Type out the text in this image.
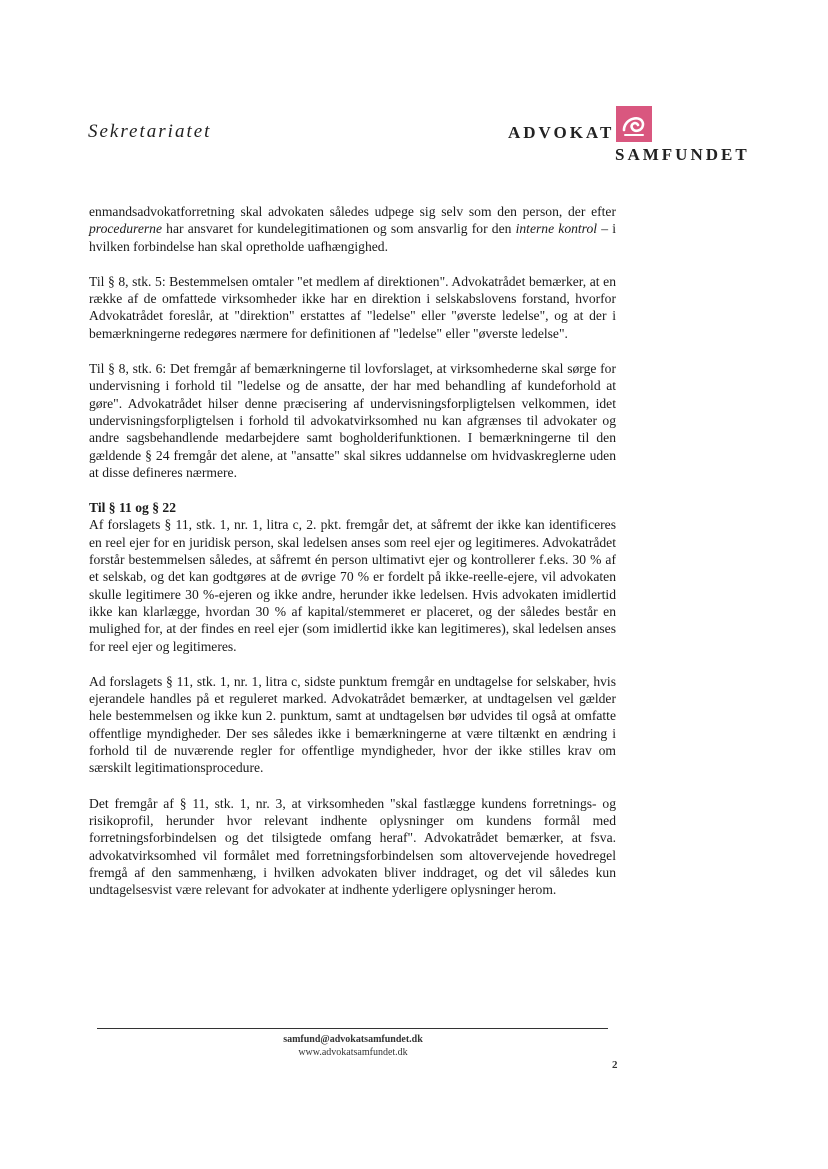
Sekretariatet	ADVOKAT
SAMFUNDET

enmandsadvokatforretning skal advokaten således udpege sig selv som den person, der efter procedurerne har ansvaret for kundelegitimationen og som ansvarlig for den interne kontrol – i hvilken forbindelse han skal opretholde uafhængighed.

Til § 8, stk. 5: Bestemmelsen omtaler "et medlem af direktionen". Advokatrådet bemærker, at en række af de omfattede virksomheder ikke har en direktion i selskabslovens forstand, hvorfor Advokatrådet foreslår, at "direktion" erstattes af "ledelse" eller "øverste ledelse", og at der i bemærkningerne redegøres nærmere for definitionen af "ledelse" eller "øverste ledelse".

Til § 8, stk. 6: Det fremgår af bemærkningerne til lovforslaget, at virksomhederne skal sørge for undervisning i forhold til "ledelse og de ansatte, der har med behandling af kundeforhold at gøre". Advokatrådet hilser denne præcisering af undervisningsforpligtelsen velkommen, idet undervisningsforpligtelsen i forhold til advokatvirksomhed nu kan afgrænses til advokater og andre sagsbehandlende medarbejdere samt bogholderifunktionen. I bemærkningerne til den gældende § 24 fremgår det alene, at "ansatte" skal sikres uddannelse om hvidvaskreglerne uden at disse defineres nærmere.

Til § 11 og § 22

Af forslagets § 11, stk. 1, nr. 1, litra c, 2. pkt. fremgår det, at såfremt der ikke kan identificeres en reel ejer for en juridisk person, skal ledelsen anses som reel ejer og legitimeres. Advokatrådet forstår bestemmelsen således, at såfremt én person ultimativt ejer og kontrollerer f.eks. 30 % af et selskab, og det kan godtgøres at de øvrige 70 % er fordelt på ikke-reelle-ejere, vil advokaten skulle legitimere 30 %-ejeren og ikke andre, herunder ikke ledelsen. Hvis advokaten imidlertid ikke kan klarlægge, hvordan 30 % af kapital/stemmeret er placeret, og der således består en mulighed for, at der findes en reel ejer (som imidlertid ikke kan legitimeres), skal ledelsen anses for reel ejer og legitimeres.

Ad forslagets § 11, stk. 1, nr. 1, litra c, sidste punktum fremgår en undtagelse for selskaber, hvis ejerandele handles på et reguleret marked. Advokatrådet bemærker, at undtagelsen vel gælder hele bestemmelsen og ikke kun 2. punktum, samt at undtagelsen bør udvides til også at omfatte offentlige myndigheder. Der ses således ikke i bemærkningerne at være tiltænkt en ændring i forhold til de nuværende regler for offentlige myndigheder, hvor der ikke stilles krav om særskilt legitimationsprocedure.

Det fremgår af § 11, stk. 1, nr. 3, at virksomheden "skal fastlægge kundens forretnings- og risikoprofil, herunder hvor relevant indhente oplysninger om kundens formål med forretningsforbindelsen og det tilsigtede omfang heraf". Advokatrådet bemærker, at fsva. advokatvirksomhed vil formålet med forretningsforbindelsen som altovervejende hovedregel fremgå af den sammenhæng, i hvilken advokaten bliver inddraget, og det vil således kun undtagelsesvist være relevant for advokater at indhente yderligere oplysninger herom.

samfund@advokatsamfundet.dk
www.advokatsamfundet.dk
2
